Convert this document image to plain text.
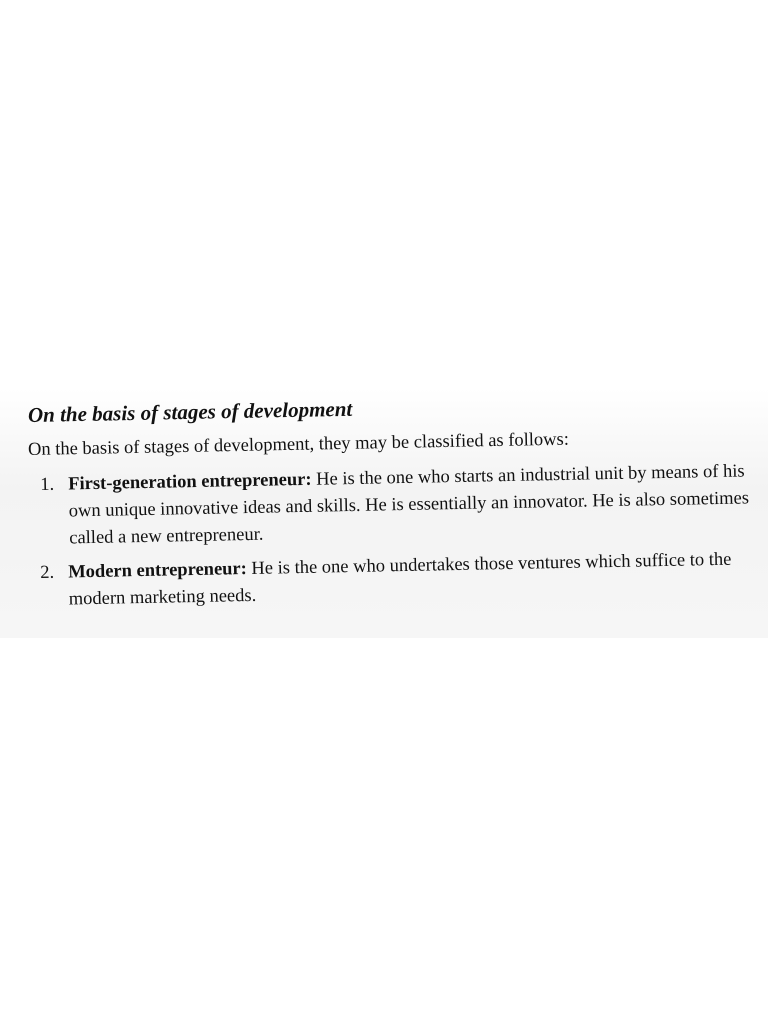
On the basis of stages of development
On the basis of stages of development, they may be classified as follows:
1. First-generation entrepreneur: He is the one who starts an industrial unit by means of his own unique innovative ideas and skills. He is essentially an innovator. He is also sometimes called a new entrepreneur.
2. Modern entrepreneur: He is the one who undertakes those ventures which suffice to the modern marketing needs.
